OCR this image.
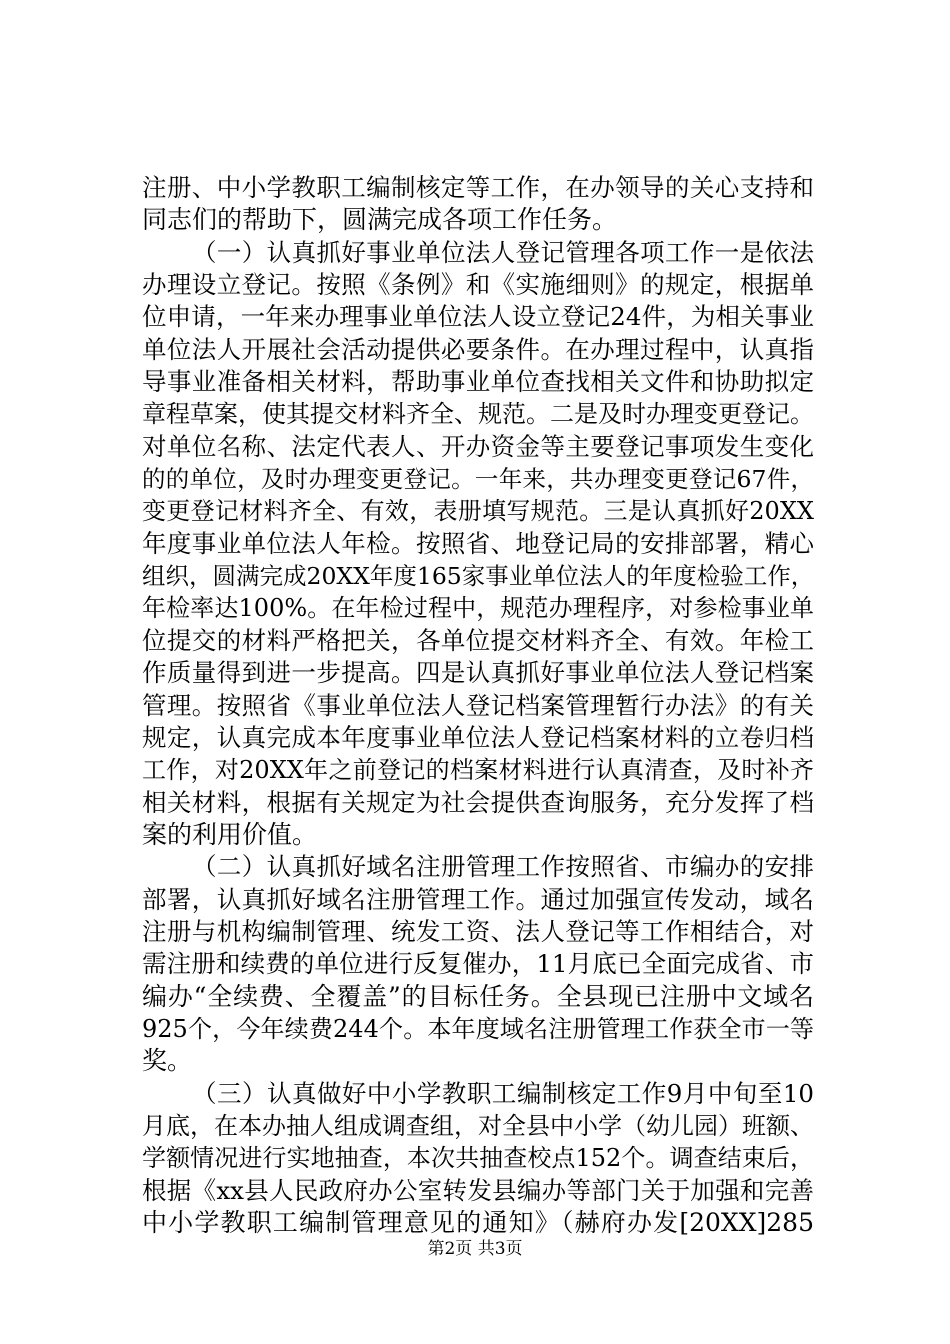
注册、中小学教职工编制核定等工作，在办领导的关心支持和
同志们的帮助下，圆满完成各项工作任务。
（一）认真抓好事业单位法人登记管理各项工作一是依法
办理设立登记。按照《条例》和《实施细则》的规定，根据单
位申请，一年来办理事业单位法人设立登记24件，为相关事业
单位法人开展社会活动提供必要条件。在办理过程中，认真指
导事业准备相关材料，帮助事业单位查找相关文件和协助拟定
章程草案，使其提交材料齐全、规范。二是及时办理变更登记。
对单位名称、法定代表人、开办资金等主要登记事项发生变化
的的单位，及时办理变更登记。一年来，共办理变更登记67件，
变更登记材料齐全、有效，表册填写规范。三是认真抓好20XX
年度事业单位法人年检。按照省、地登记局的安排部署，精心
组织，圆满完成20XX年度165家事业单位法人的年度检验工作，
年检率达100%。在年检过程中，规范办理程序，对参检事业单
位提交的材料严格把关，各单位提交材料齐全、有效。年检工
作质量得到进一步提高。四是认真抓好事业单位法人登记档案
管理。按照省《事业单位法人登记档案管理暂行办法》的有关
规定，认真完成本年度事业单位法人登记档案材料的立卷归档
工作，对20XX年之前登记的档案材料进行认真清查，及时补齐
相关材料，根据有关规定为社会提供查询服务，充分发挥了档
案的利用价值。
（二）认真抓好域名注册管理工作按照省、市编办的安排
部署，认真抓好域名注册管理工作。通过加强宣传发动，域名
注册与机构编制管理、统发工资、法人登记等工作相结合，对
需注册和续费的单位进行反复催办，11月底已全面完成省、市
编办“全续费、全覆盖”的目标任务。全县现已注册中文域名
925个，今年续费244个。本年度域名注册管理工作获全市一等
奖。
（三）认真做好中小学教职工编制核定工作9月中旬至10
月底，在本办抽人组成调查组，对全县中小学（幼儿园）班额、
学额情况进行实地抽查，本次共抽查校点152个。调查结束后，
根据《xx县人民政府办公室转发县编办等部门关于加强和完善
中小学教职工编制管理意见的通知》（赫府办发[20XX]285
第2页 共3页
